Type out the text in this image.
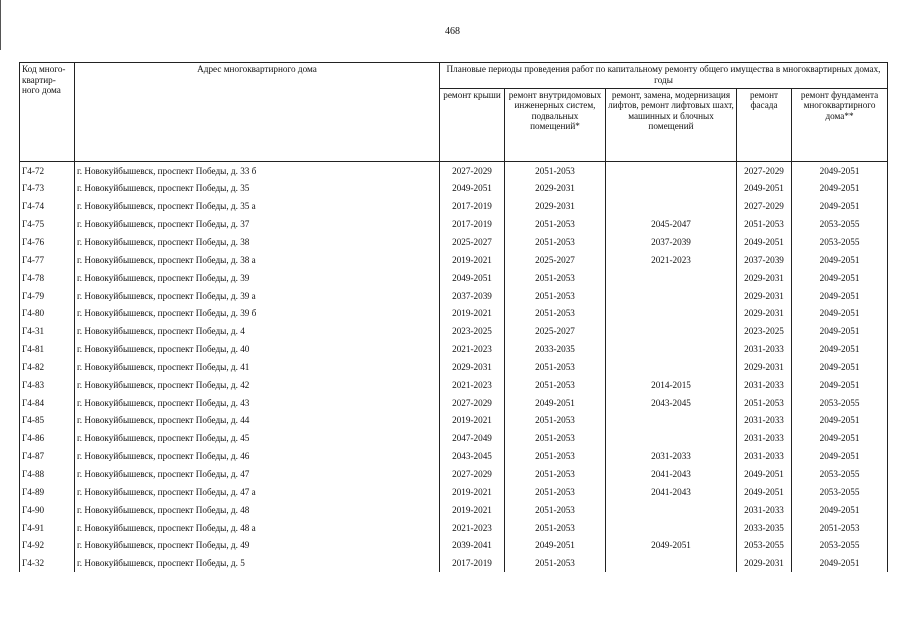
468
Код много-квартир-ного дома	Адрес многоквартирного дома	Плановые периоды проведения работ по капитальному ремонту общего имущества в многоквартирных домах, годы				
		ремонт крыши	ремонт внутридомовых инженерных систем, подвальных помещений*	ремонт, замена, модернизация лифтов, ремонт лифтовых шахт, машинных и блочных помещений	ремонт фасада	ремонт фундамента многоквартирного дома**
Г4-72	г. Новокуйбышевск, проспект Победы, д. 33 б	2027-2029	2051-2053		2027-2029	2049-2051
Г4-73	г. Новокуйбышевск, проспект Победы, д. 35	2049-2051	2029-2031		2049-2051	2049-2051
Г4-74	г. Новокуйбышевск, проспект Победы, д. 35 а	2017-2019	2029-2031		2027-2029	2049-2051
Г4-75	г. Новокуйбышевск, проспект Победы, д. 37	2017-2019	2051-2053	2045-2047	2051-2053	2053-2055
Г4-76	г. Новокуйбышевск, проспект Победы, д. 38	2025-2027	2051-2053	2037-2039	2049-2051	2053-2055
Г4-77	г. Новокуйбышевск, проспект Победы, д. 38 а	2019-2021	2025-2027	2021-2023	2037-2039	2049-2051
Г4-78	г. Новокуйбышевск, проспект Победы, д. 39	2049-2051	2051-2053		2029-2031	2049-2051
Г4-79	г. Новокуйбышевск, проспект Победы, д. 39 а	2037-2039	2051-2053		2029-2031	2049-2051
Г4-80	г. Новокуйбышевск, проспект Победы, д. 39 б	2019-2021	2051-2053		2029-2031	2049-2051
Г4-31	г. Новокуйбышевск, проспект Победы, д. 4	2023-2025	2025-2027		2023-2025	2049-2051
Г4-81	г. Новокуйбышевск, проспект Победы, д. 40	2021-2023	2033-2035		2031-2033	2049-2051
Г4-82	г. Новокуйбышевск, проспект Победы, д. 41	2029-2031	2051-2053		2029-2031	2049-2051
Г4-83	г. Новокуйбышевск, проспект Победы, д. 42	2021-2023	2051-2053	2014-2015	2031-2033	2049-2051
Г4-84	г. Новокуйбышевск, проспект Победы, д. 43	2027-2029	2049-2051	2043-2045	2051-2053	2053-2055
Г4-85	г. Новокуйбышевск, проспект Победы, д. 44	2019-2021	2051-2053		2031-2033	2049-2051
Г4-86	г. Новокуйбышевск, проспект Победы, д. 45	2047-2049	2051-2053		2031-2033	2049-2051
Г4-87	г. Новокуйбышевск, проспект Победы, д. 46	2043-2045	2051-2053	2031-2033	2031-2033	2049-2051
Г4-88	г. Новокуйбышевск, проспект Победы, д. 47	2027-2029	2051-2053	2041-2043	2049-2051	2053-2055
Г4-89	г. Новокуйбышевск, проспект Победы, д. 47 а	2019-2021	2051-2053	2041-2043	2049-2051	2053-2055
Г4-90	г. Новокуйбышевск, проспект Победы, д. 48	2019-2021	2051-2053		2031-2033	2049-2051
Г4-91	г. Новокуйбышевск, проспект Победы, д. 48 а	2021-2023	2051-2053		2033-2035	2051-2053
Г4-92	г. Новокуйбышевск, проспект Победы, д. 49	2039-2041	2049-2051	2049-2051	2053-2055	2053-2055
Г4-32	г. Новокуйбышевск, проспект Победы, д. 5	2017-2019	2051-2053		2029-2031	2049-2051
